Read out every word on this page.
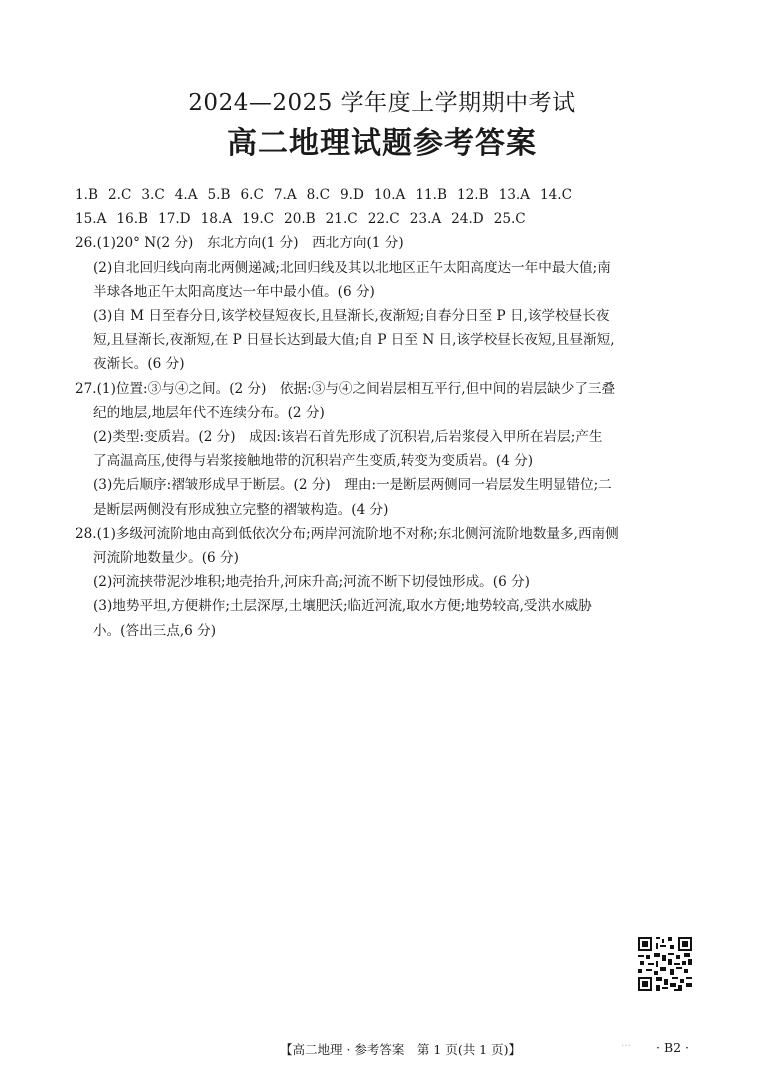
2024—2025 学年度上学期期中考试
高二地理试题参考答案
1.B 2.C 3.C 4.A 5.B 6.C 7.A 8.C 9.D 10.A 11.B 12.B 13.A 14.C
15.A 16.B 17.D 18.A 19.C 20.B 21.C 22.C 23.A 24.D 25.C
26.(1)20° N(2 分)　东北方向(1 分)　西北方向(1 分)
(2)自北回归线向南北两侧递减;北回归线及其以北地区正午太阳高度达一年中最大值;南
半球各地正午太阳高度达一年中最小值。(6 分)
(3)自 M 日至春分日,该学校昼短夜长,且昼渐长,夜渐短;自春分日至 P 日,该学校昼长夜
短,且昼渐长,夜渐短,在 P 日昼长达到最大值;自 P 日至 N 日,该学校昼长夜短,且昼渐短,
夜渐长。(6 分)
27.(1)位置:③与④之间。(2 分)　依据:③与④之间岩层相互平行,但中间的岩层缺少了三叠
纪的地层,地层年代不连续分布。(2 分)
(2)类型:变质岩。(2 分)　成因:该岩石首先形成了沉积岩,后岩浆侵入甲所在岩层;产生
了高温高压,使得与岩浆接触地带的沉积岩产生变质,转变为变质岩。(4 分)
(3)先后顺序:褶皱形成早于断层。(2 分)　理由:一是断层两侧同一岩层发生明显错位;二
是断层两侧没有形成独立完整的褶皱构造。(4 分)
28.(1)多级河流阶地由高到低依次分布;两岸河流阶地不对称;东北侧河流阶地数量多,西南侧
河流阶地数量少。(6 分)
(2)河流挟带泥沙堆积;地壳抬升,河床升高;河流不断下切侵蚀形成。(6 分)
(3)地势平坦,方便耕作;土层深厚,土壤肥沃;临近河流,取水方便;地势较高,受洪水威胁
小。(答出三点,6 分)
【高二地理 · 参考答案　第 1 页(共 1 页)】	… · B2 ·
